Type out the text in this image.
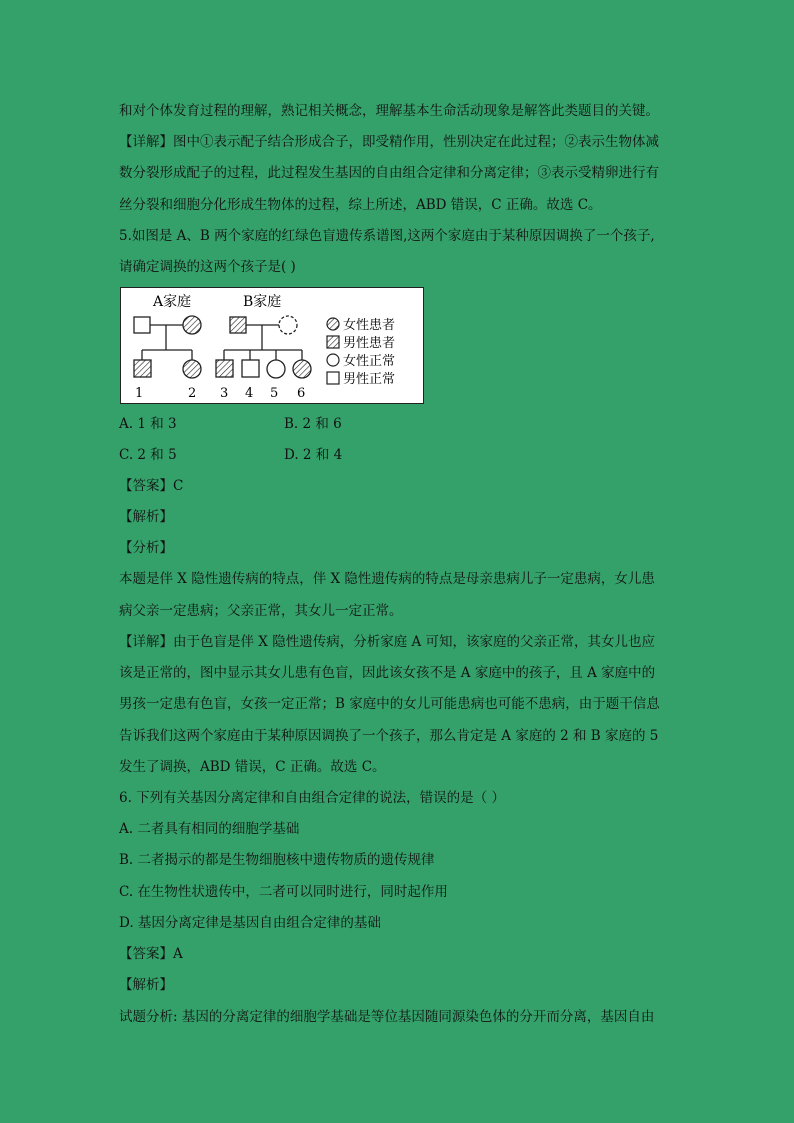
和对个体发育过程的理解，熟记相关概念，理解基本生命活动现象是解答此类题目的关键。
【详解】图中①表示配子结合形成合子，即受精作用，性别决定在此过程；②表示生物体减
数分裂形成配子的过程，此过程发生基因的自由组合定律和分离定律；③表示受精卵进行有
丝分裂和细胞分化形成生物体的过程，综上所述，ABD 错误，C 正确。故选 C。
5.如图是 A、B 两个家庭的红绿色盲遗传系谱图,这两个家庭由于某种原因调换了一个孩子,
请确定调换的这两个孩子是( )
A家庭	B家庭
1	2 3 4 5 6
女性患者
男性患者
女性正常
男性正常
A. 1 和 3	B. 2 和 6
C. 2 和 5	D. 2 和 4
【答案】C
【解析】
【分析】
本题是伴 X 隐性遗传病的特点，伴 X 隐性遗传病的特点是母亲患病儿子一定患病，女儿患
病父亲一定患病；父亲正常，其女儿一定正常。
【详解】由于色盲是伴 X 隐性遗传病，分析家庭 A 可知，该家庭的父亲正常，其女儿也应
该是正常的，图中显示其女儿患有色盲，因此该女孩不是 A 家庭中的孩子，且 A 家庭中的
男孩一定患有色盲，女孩一定正常；B 家庭中的女儿可能患病也可能不患病，由于题干信息
告诉我们这两个家庭由于某种原因调换了一个孩子，那么肯定是 A 家庭的 2 和 B 家庭的 5
发生了调换，ABD 错误，C 正确。故选 C。
6. 下列有关基因分离定律和自由组合定律的说法，错误的是（ ）
A. 二者具有相同的细胞学基础
B. 二者揭示的都是生物细胞核中遗传物质的遗传规律
C. 在生物性状遗传中，二者可以同时进行，同时起作用
D. 基因分离定律是基因自由组合定律的基础
【答案】A
【解析】
试题分析: 基因的分离定律的细胞学基础是等位基因随同源染色体的分开而分离，基因自由
